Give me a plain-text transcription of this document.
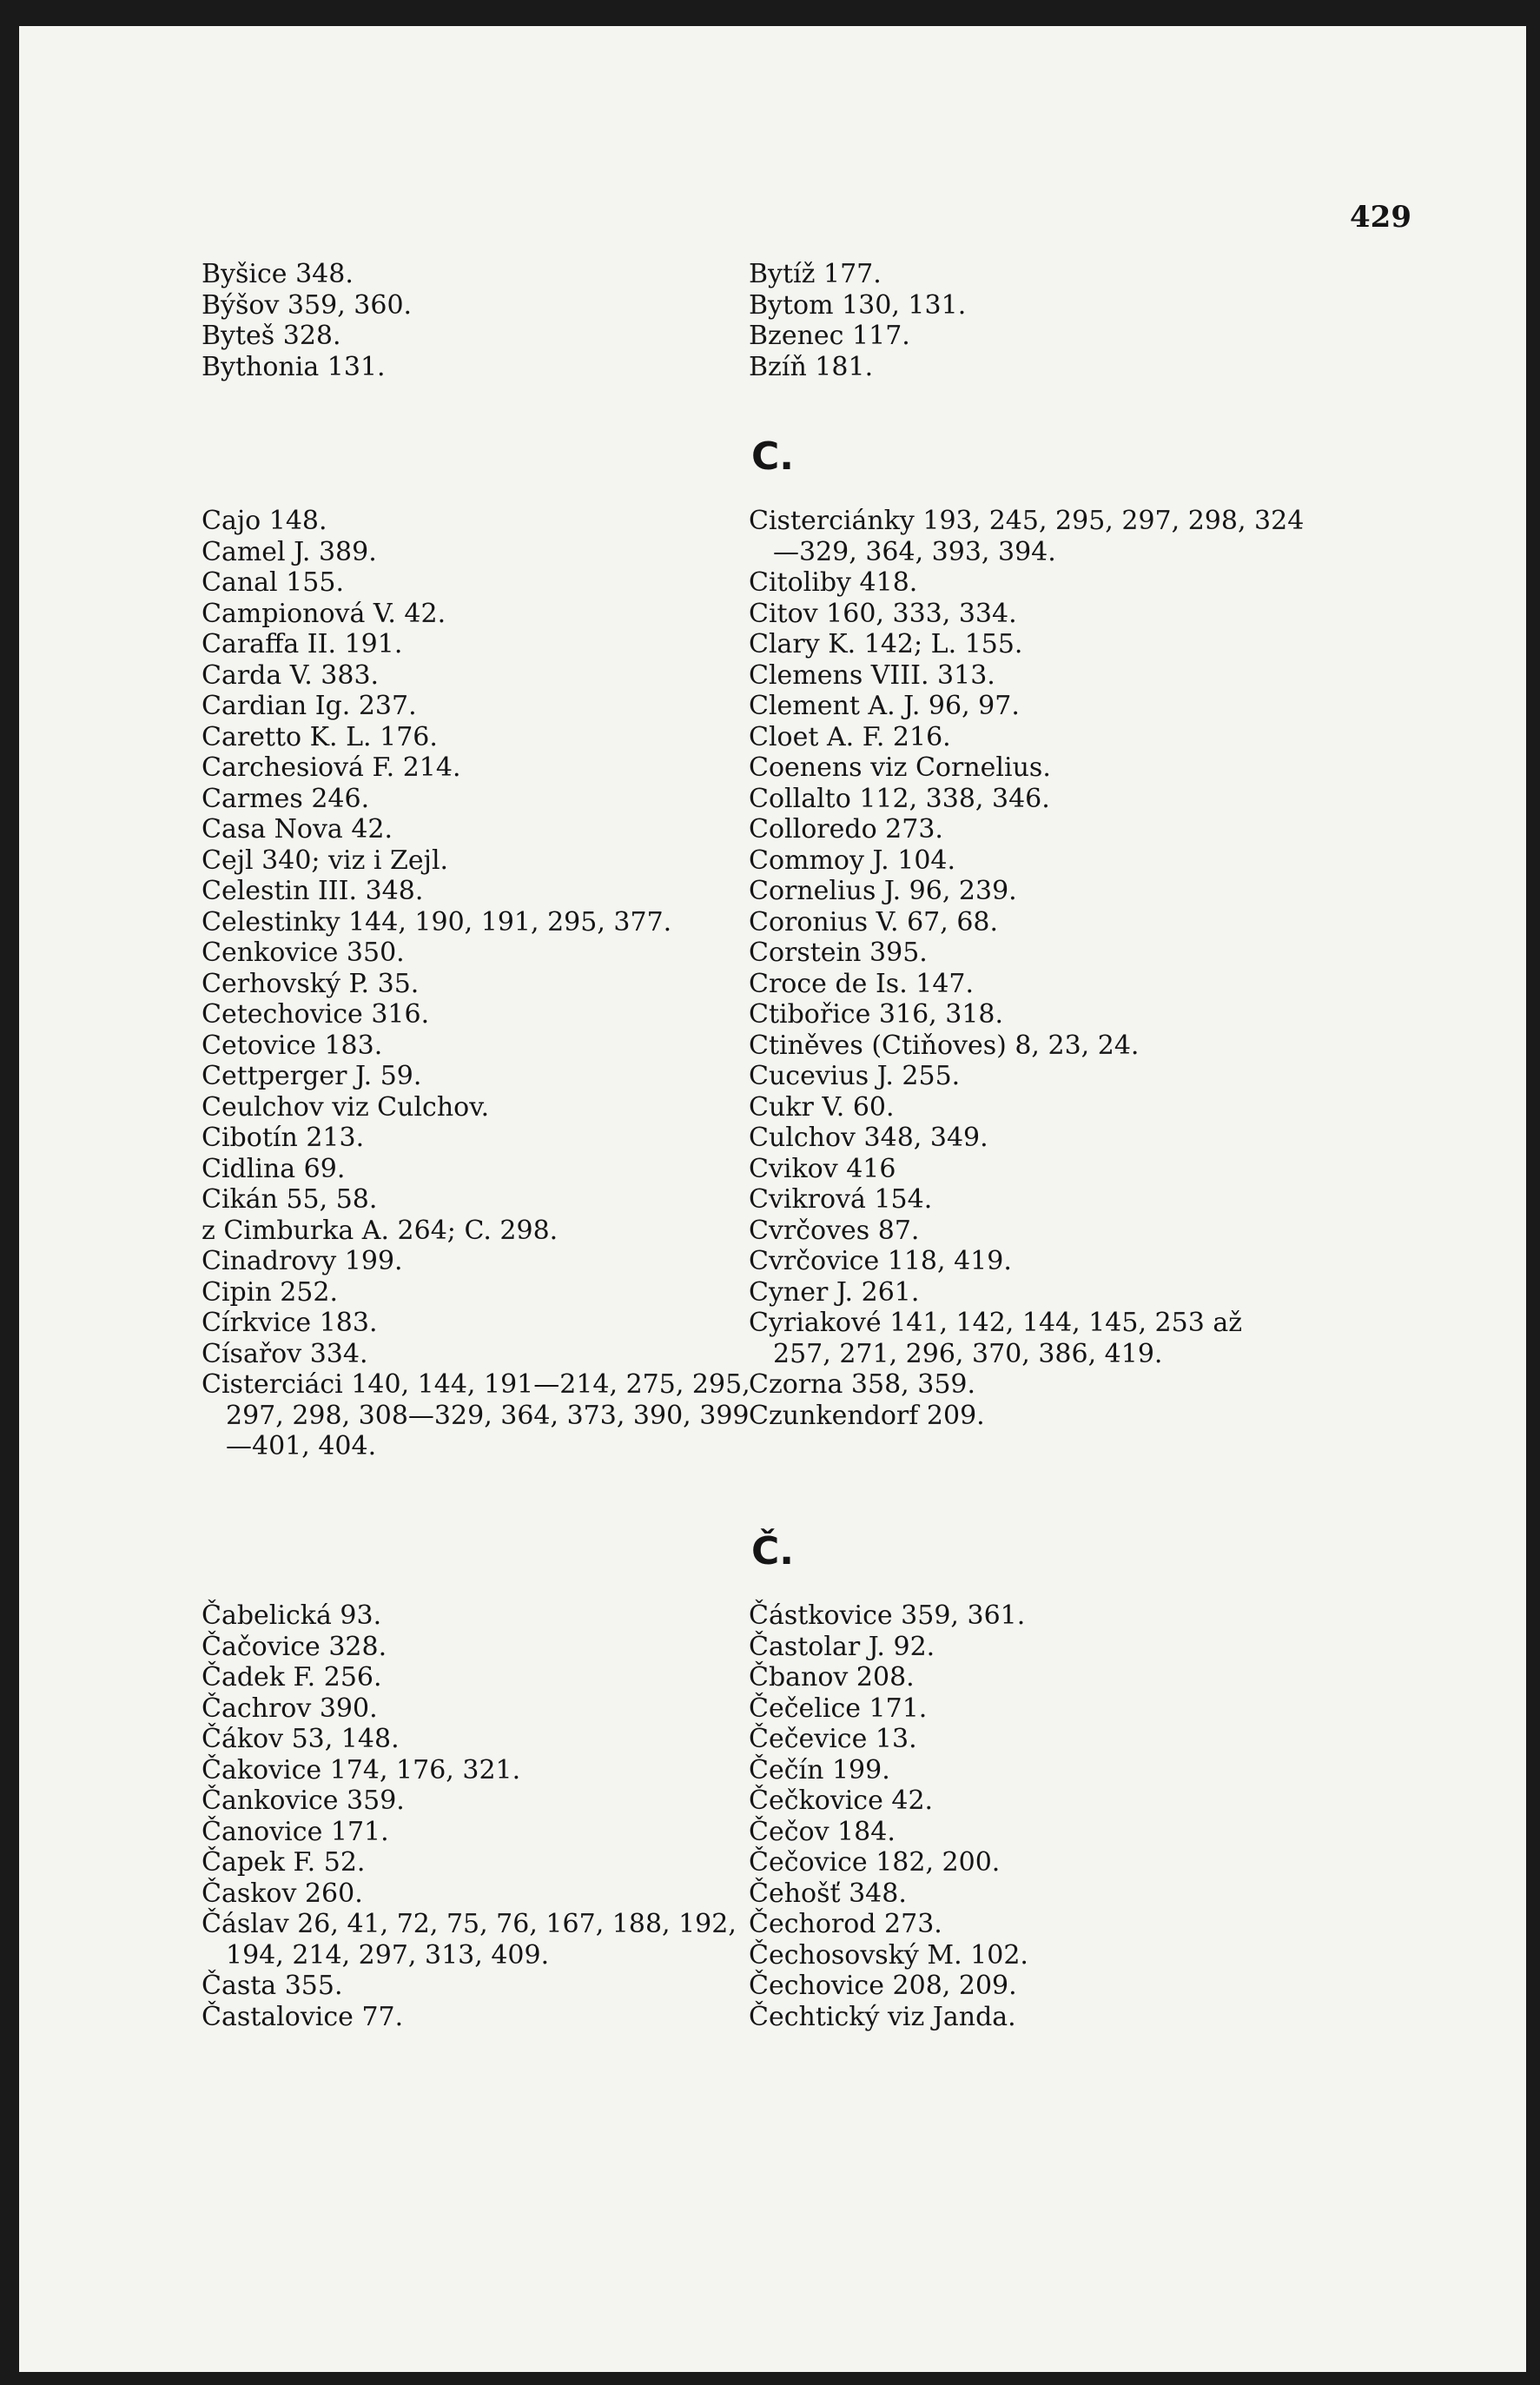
429
Byšice 348.
Býšov 359, 360.
Byteš 328.
Bythonia 131.
Bytíž 177.
Bytom 130, 131.
Bzenec 117.
Bzíň 181.
C.
Cajo 148.
Camel J. 389.
Canal 155.
Campionová V. 42.
Caraffa II. 191.
Carda V. 383.
Cardian Ig. 237.
Caretto K. L. 176.
Carchesiová F. 214.
Carmes 246.
Casa Nova 42.
Cejl 340; viz i Zejl.
Celestin III. 348.
Celestinky 144, 190, 191, 295, 377.
Cenkovice 350.
Cerhovský P. 35.
Cetechovice 316.
Cetovice 183.
Cettperger J. 59.
Ceulchov viz Culchov.
Cibotín 213.
Cidlina 69.
Cikán 55, 58.
z Cimburka A. 264; C. 298.
Cinadrovy 199.
Cipin 252.
Církvice 183.
Císařov 334.
Cisterciáci 140, 144, 191—214, 275, 295, 297, 298, 308—329, 364, 373, 390, 399—401, 404.
Cisterciánky 193, 245, 295, 297, 298, 324—329, 364, 393, 394.
Citoliby 418.
Citov 160, 333, 334.
Clary K. 142; L. 155.
Clemens VIII. 313.
Clement A. J. 96, 97.
Cloet A. F. 216.
Coenens viz Cornelius.
Collalto 112, 338, 346.
Colloredo 273.
Commoy J. 104.
Cornelius J. 96, 239.
Coronius V. 67, 68.
Corstein 395.
Croce de Is. 147.
Ctibořice 316, 318.
Ctiněves (Ctiňoves) 8, 23, 24.
Cucevius J. 255.
Cukr V. 60.
Culchov 348, 349.
Cvikov 416
Cvikrová 154.
Cvrčoves 87.
Cvrčovice 118, 419.
Cyner J. 261.
Cyriakové 141, 142, 144, 145, 253 až 257, 271, 296, 370, 386, 419.
Czorna 358, 359.
Czunkendorf 209.
Č.
Čabelická 93.
Čačovice 328.
Čadek F. 256.
Čachrov 390.
Čákov 53, 148.
Čakovice 174, 176, 321.
Čankovice 359.
Čanovice 171.
Čapek F. 52.
Časkov 260.
Čáslav 26, 41, 72, 75, 76, 167, 188, 192, 194, 214, 297, 313, 409.
Časta 355.
Častalovice 77.
Částkovice 359, 361.
Častolar J. 92.
Čbanov 208.
Čečelice 171.
Čečevice 13.
Čečín 199.
Čečkovice 42.
Čečov 184.
Čečovice 182, 200.
Čehošť 348.
Čechorod 273.
Čechosovský M. 102.
Čechovice 208, 209.
Čechtický viz Janda.
